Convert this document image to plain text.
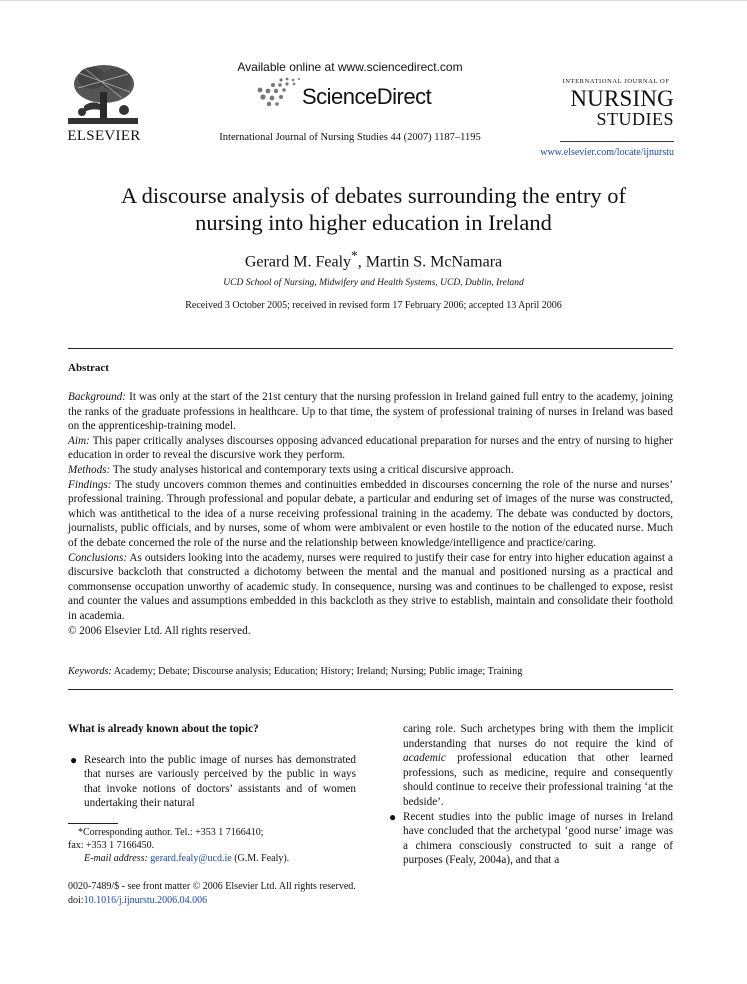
ELSEVIER
Available online at www.sciencedirect.com
ScienceDirect
International Journal of Nursing Studies 44 (2007) 1187–1195
INTERNATIONAL JOURNAL OF
NURSING
STUDIES
www.elsevier.com/locate/ijnurstu
A discourse analysis of debates surrounding the entry of
nursing into higher education in Ireland
Gerard M. Fealy*, Martin S. McNamara
UCD School of Nursing, Midwifery and Health Systems, UCD, Dublin, Ireland
Received 3 October 2005; received in revised form 17 February 2006; accepted 13 April 2006
Abstract

Background: It was only at the start of the 21st century that the nursing profession in Ireland gained full entry to the academy, joining the ranks of the graduate professions in healthcare. Up to that time, the system of professional training of nurses in Ireland was based on the apprenticeship-training model.

Aim: This paper critically analyses discourses opposing advanced educational preparation for nurses and the entry of nursing to higher education in order to reveal the discursive work they perform.

Methods: The study analyses historical and contemporary texts using a critical discursive approach.

Findings: The study uncovers common themes and continuities embedded in discourses concerning the role of the nurse and nurses’ professional training. Through professional and popular debate, a particular and enduring set of images of the nurse was constructed, which was antithetical to the idea of a nurse receiving professional training in the academy. The debate was conducted by doctors, journalists, public officials, and by nurses, some of whom were ambivalent or even hostile to the notion of the educated nurse. Much of the debate concerned the role of the nurse and the relationship between knowledge/intelligence and practice/caring.

Conclusions: As outsiders looking into the academy, nurses were required to justify their case for entry into higher education against a discursive backcloth that constructed a dichotomy between the mental and the manual and positioned nursing as a practical and commonsense occupation unworthy of academic study. In consequence, nursing was and continues to be challenged to expose, resist and counter the values and assumptions embedded in this backcloth as they strive to establish, maintain and consolidate their foothold in academia.

© 2006 Elsevier Ltd. All rights reserved.

Keywords: Academy; Debate; Discourse analysis; Education; History; Ireland; Nursing; Public image; Training
What is already known about the topic?

● Research into the public image of nurses has demonstrated that nurses are variously perceived by the public in ways that invoke notions of doctors’ assistants and of women undertaking their natural

*Corresponding author. Tel.: +353 1 7166410;
fax: +353 1 7166450.
E-mail address: gerard.fealy@ucd.ie (G.M. Fealy).
0020-7489/$ - see front matter © 2006 Elsevier Ltd. All rights reserved.
doi:10.1016/j.ijnurstu.2006.04.006
caring role. Such archetypes bring with them the implicit understanding that nurses do not require the kind of academic professional education that other learned professions, such as medicine, require and consequently should continue to receive their professional training ‘at the bedside’.

● Recent studies into the public image of nurses in Ireland have concluded that the archetypal ‘good nurse’ image was a chimera consciously constructed to suit a range of purposes (Fealy, 2004a), and that a
